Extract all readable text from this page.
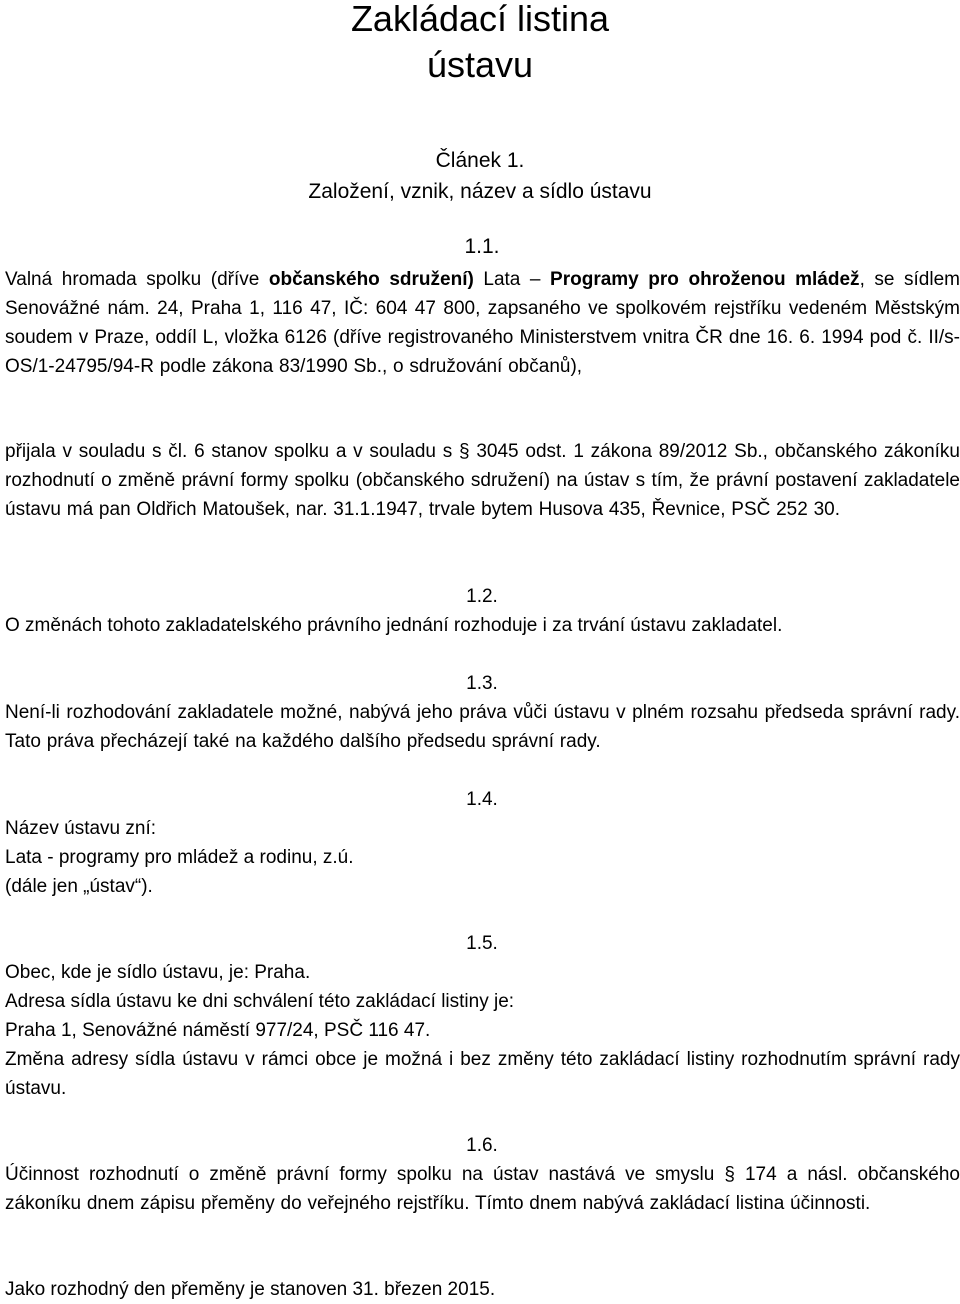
Zakládací listina
ústavu

Článek 1.

Založení, vznik, název a sídlo ústavu

1.1.

Valná hromada spolku (dříve občanského sdružení) Lata – Programy pro ohroženou mládež, se sídlem Senovážné nám. 24, Praha 1, 116 47, IČ: 604 47 800, zapsaného ve spolkovém rejstříku vedeném Městským soudem v Praze, oddíl L, vložka 6126 (dříve registrovaného Ministerstvem vnitra ČR dne 16. 6. 1994 pod č. II/s-OS/1-24795/94-R podle zákona 83/1990 Sb., o sdružování občanů),

přijala v souladu s čl. 6 stanov spolku a v souladu s § 3045 odst. 1 zákona 89/2012 Sb., občanského zákoníku rozhodnutí o změně právní formy spolku (občanského sdružení) na ústav s tím, že právní postavení zakladatele ústavu má pan Oldřich Matoušek, nar. 31.1.1947, trvale bytem Husova 435, Řevnice, PSČ 252 30.

1.2.

O změnách tohoto zakladatelského právního jednání rozhoduje i za trvání ústavu zakladatel.

1.3.

Není-li rozhodování zakladatele možné, nabývá jeho práva vůči ústavu v plném rozsahu předseda správní rady. Tato práva přecházejí také na každého dalšího předsedu správní rady.

1.4.

Název ústavu zní:

Lata - programy pro mládež a rodinu, z.ú.

(dále jen „ústav“).

1.5.

Obec, kde je sídlo ústavu, je: Praha.

Adresa sídla ústavu ke dni schválení této zakládací listiny je:

Praha 1, Senovážné náměstí 977/24, PSČ 116 47.

Změna adresy sídla ústavu v rámci obce je možná i bez změny této zakládací listiny rozhodnutím správní rady ústavu.

1.6.

Účinnost rozhodnutí o změně právní formy spolku na ústav nastává ve smyslu § 174 a násl. občanského zákoníku dnem zápisu přeměny do veřejného rejstříku. Tímto dnem nabývá zakládací listina účinnosti.

Jako rozhodný den přeměny je stanoven 31. březen 2015.
